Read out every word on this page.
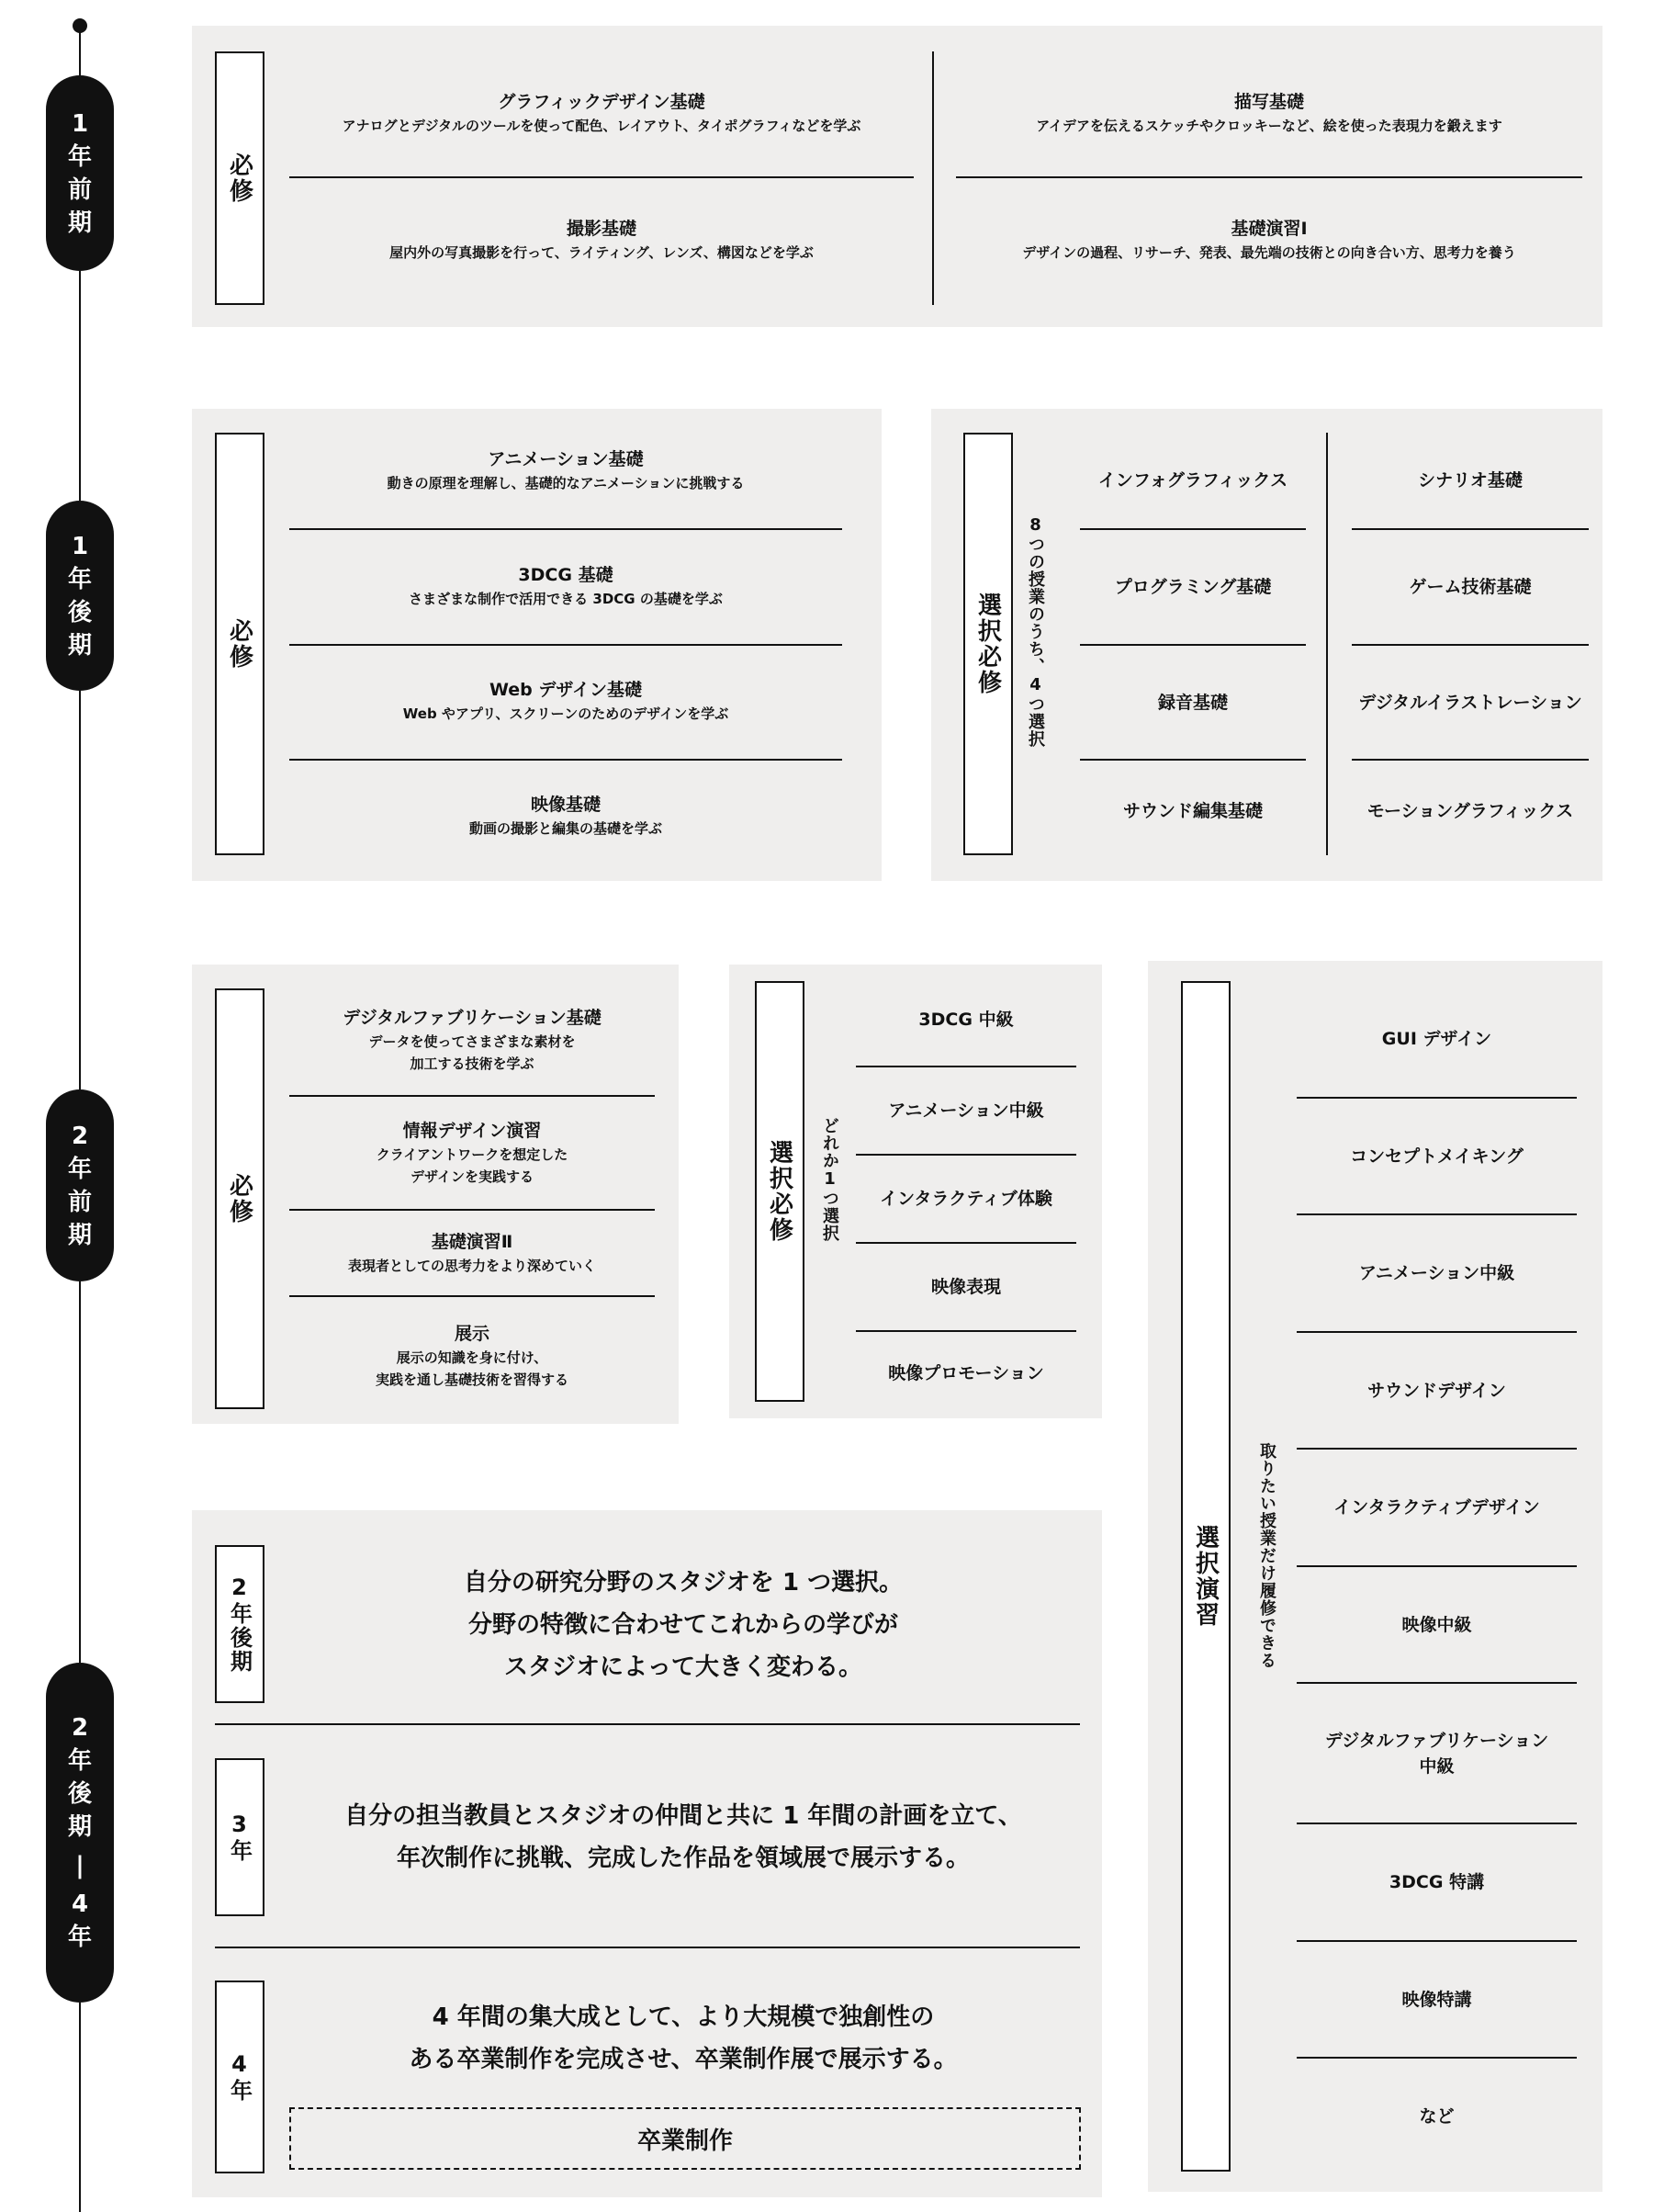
1年前期
1年後期
2年前期
2年後期
|
4年
必修
グラフィックデザイン基礎
アナログとデジタルのツールを使って配色、レイアウト、タイポグラフィなどを学ぶ
描写基礎
アイデアを伝えるスケッチやクロッキーなど、絵を使った表現力を鍛えます
撮影基礎
屋内外の写真撮影を行って、ライティング、レンズ、構図などを学ぶ
基礎演習Ⅰ
デザインの過程、リサーチ、発表、最先端の技術との向き合い方、思考力を養う
必修
アニメーション基礎
動きの原理を理解し、基礎的なアニメーションに挑戦する
3DCG 基礎
さまざまな制作で活用できる 3DCG の基礎を学ぶ
Web デザイン基礎
Web やアプリ、スクリーンのためのデザインを学ぶ
映像基礎
動画の撮影と編集の基礎を学ぶ
選択必修 8つの授業のうち、4つ選択
インフォグラフィックス
プログラミング基礎
録音基礎
サウンド編集基礎
シナリオ基礎
ゲーム技術基礎
デジタルイラストレーション
モーショングラフィックス
必修
デジタルファブリケーション基礎
データを使ってさまざまな素材を
加工する技術を学ぶ
情報デザイン演習
クライアントワークを想定した
デザインを実践する
基礎演習Ⅱ
表現者としての思考力をより深めていく
展示
展示の知識を身に付け、
実践を通し基礎技術を習得する
選択必修 どれか1つ選択
3DCG 中級
アニメーション中級
インタラクティブ体験
映像表現
映像プロモーション
選択演習 取りたい授業だけ履修できる
GUI デザイン
コンセプトメイキング
アニメーション中級
サウンドデザイン
インタラクティブデザイン
映像中級
デジタルファブリケーション
中級
3DCG 特講
映像特講
など
2年後期	自分の研究分野のスタジオを 1 つ選択。
分野の特徴に合わせてこれからの学びが
スタジオによって大きく変わる。
3年	自分の担当教員とスタジオの仲間と共に 1 年間の計画を立て、
年次制作に挑戦、完成した作品を領域展で展示する。
4年
4 年間の集大成として、より大規模で独創性の
ある卒業制作を完成させ、卒業制作展で展示する。
卒業制作
